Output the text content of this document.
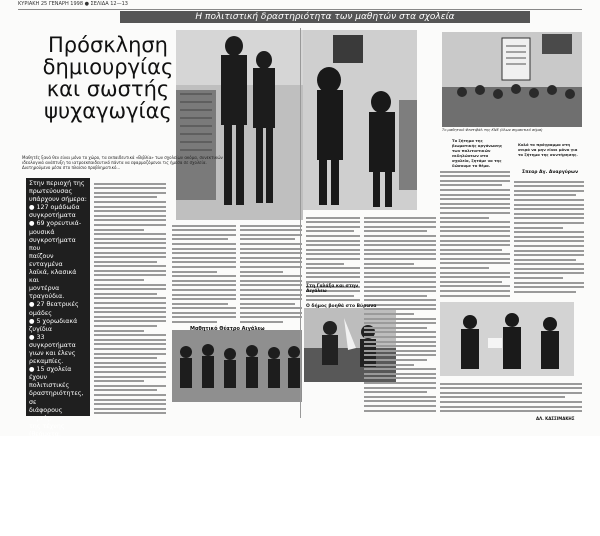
ΚΥΡΙΑΚΗ 25 ΓΕΝΑΡΗ 1998 ● ΣΕΛΙΔΑ 12—13
Η πολιτιστική δραστηριότητα των μαθητών στα σχολεία
Πρόσκληση
δημιουργίας
και σωστής
ψυχαγωγίας
Μαθητές ξανά θεν είναι μόνο το χώρο, τα εκπαιδευτικά «Βιβλία» των σχολείων ακόμα, συνεκτικών ιδεολογικά ανάπτυξη τα ιατροεκπαιδευτικό πάντα να εφαρμοζόμενοι τις ήμεσα σε σχολεία. Διατηρούμενο μέσα στο πλαίσιο προβληματικό...
Στην περιοχή της
πρωτεύουσας
υπάρχουν σήμερα:
● 127 ομάδωδα
συγκροτήματα
● 69 χορευτικά-μουσικά
συγκροτήματα που
παίζουν ενταγμένα
λαϊκά, κλασικά και
μοντέρνα τραγούδια.
● 27 θεατρικές ομάδες
● 5 χορωδιακά ζυγίδια
● 33 συγκροτήματα
γιων και έλενς
ρεκαμπίες.
● 15 σχολεία έχουν
πολιτιστικές
δραστηριότητες, σε
διάφορους τομείς,
της τέχνης (θεάματα,
Αγ. Ανδρουάρη,
Ανιάλυα, Χάρις,
Αλημαιγερπη,
Πειρηταίων, Αίγινα,
Βριαταλλί, Αδήνη,
Τριτεύα, Αγ. Παρ.)
● 7 σχολεία έχουν
συγκροτήσει
τον πολιτιστικό
Το μαθητικό Φεστιβάλ της ΚΝΕ (όλων σημαντικό σήμα)
Το ζήτημα της βιωματικής οργάνωσης των πολιτιστικών εκδηλώσεων στα σχολεία, ζητάμε να της δώσουμε το θέμα.
Καλό το πρόγραμμα στη σειρά να μην είναι μόνο για το ζήτημα της συντήρησης.
Μαθητικό Θέατρο Αιγάλεω
Ο δήμος βοηθά στο Βύρωνα
Στη Γαλάξα και στην Αιγάλεω
Σπεαρ Αγ. Αναργύρων
ΑΛ. ΚΑΣΣΙΜΑΚΗΣ
